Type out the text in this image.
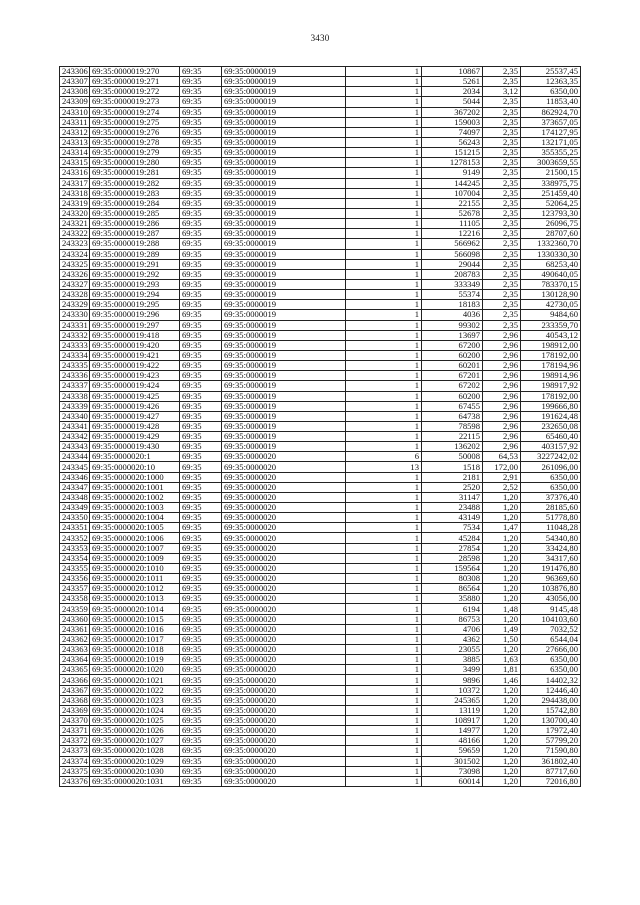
3430
243306	69:35:0000019:270	69:35	69:35:0000019	1	10867	2,35	25537,45
243307	69:35:0000019:271	69:35	69:35:0000019	1	5261	2,35	12363,35
243308	69:35:0000019:272	69:35	69:35:0000019	1	2034	3,12	6350,00
243309	69:35:0000019:273	69:35	69:35:0000019	1	5044	2,35	11853,40
243310	69:35:0000019:274	69:35	69:35:0000019	1	367202	2,35	862924,70
243311	69:35:0000019:275	69:35	69:35:0000019	1	159003	2,35	373657,05
243312	69:35:0000019:276	69:35	69:35:0000019	1	74097	2,35	174127,95
243313	69:35:0000019:278	69:35	69:35:0000019	1	56243	2,35	132171,05
243314	69:35:0000019:279	69:35	69:35:0000019	1	151215	2,35	355355,25
243315	69:35:0000019:280	69:35	69:35:0000019	1	1278153	2,35	3003659,55
243316	69:35:0000019:281	69:35	69:35:0000019	1	9149	2,35	21500,15
243317	69:35:0000019:282	69:35	69:35:0000019	1	144245	2,35	338975,75
243318	69:35:0000019:283	69:35	69:35:0000019	1	107004	2,35	251459,40
243319	69:35:0000019:284	69:35	69:35:0000019	1	22155	2,35	52064,25
243320	69:35:0000019:285	69:35	69:35:0000019	1	52678	2,35	123793,30
243321	69:35:0000019:286	69:35	69:35:0000019	1	11105	2,35	26096,75
243322	69:35:0000019:287	69:35	69:35:0000019	1	12216	2,35	28707,60
243323	69:35:0000019:288	69:35	69:35:0000019	1	566962	2,35	1332360,70
243324	69:35:0000019:289	69:35	69:35:0000019	1	566098	2,35	1330330,30
243325	69:35:0000019:291	69:35	69:35:0000019	1	29044	2,35	68253,40
243326	69:35:0000019:292	69:35	69:35:0000019	1	208783	2,35	490640,05
243327	69:35:0000019:293	69:35	69:35:0000019	1	333349	2,35	783370,15
243328	69:35:0000019:294	69:35	69:35:0000019	1	55374	2,35	130128,90
243329	69:35:0000019:295	69:35	69:35:0000019	1	18183	2,35	42730,05
243330	69:35:0000019:296	69:35	69:35:0000019	1	4036	2,35	9484,60
243331	69:35:0000019:297	69:35	69:35:0000019	1	99302	2,35	233359,70
243332	69:35:0000019:418	69:35	69:35:0000019	1	13697	2,96	40543,12
243333	69:35:0000019:420	69:35	69:35:0000019	1	67200	2,96	198912,00
243334	69:35:0000019:421	69:35	69:35:0000019	1	60200	2,96	178192,00
243335	69:35:0000019:422	69:35	69:35:0000019	1	60201	2,96	178194,96
243336	69:35:0000019:423	69:35	69:35:0000019	1	67201	2,96	198914,96
243337	69:35:0000019:424	69:35	69:35:0000019	1	67202	2,96	198917,92
243338	69:35:0000019:425	69:35	69:35:0000019	1	60200	2,96	178192,00
243339	69:35:0000019:426	69:35	69:35:0000019	1	67455	2,96	199666,80
243340	69:35:0000019:427	69:35	69:35:0000019	1	64738	2,96	191624,48
243341	69:35:0000019:428	69:35	69:35:0000019	1	78598	2,96	232650,08
243342	69:35:0000019:429	69:35	69:35:0000019	1	22115	2,96	65460,40
243343	69:35:0000019:430	69:35	69:35:0000019	1	136202	2,96	403157,92
243344	69:35:0000020:1	69:35	69:35:0000020	6	50008	64,53	3227242,02
243345	69:35:0000020:10	69:35	69:35:0000020	13	1518	172,00	261096,00
243346	69:35:0000020:1000	69:35	69:35:0000020	1	2181	2,91	6350,00
243347	69:35:0000020:1001	69:35	69:35:0000020	1	2520	2,52	6350,00
243348	69:35:0000020:1002	69:35	69:35:0000020	1	31147	1,20	37376,40
243349	69:35:0000020:1003	69:35	69:35:0000020	1	23488	1,20	28185,60
243350	69:35:0000020:1004	69:35	69:35:0000020	1	43149	1,20	51778,80
243351	69:35:0000020:1005	69:35	69:35:0000020	1	7534	1,47	11048,28
243352	69:35:0000020:1006	69:35	69:35:0000020	1	45284	1,20	54340,80
243353	69:35:0000020:1007	69:35	69:35:0000020	1	27854	1,20	33424,80
243354	69:35:0000020:1009	69:35	69:35:0000020	1	28598	1,20	34317,60
243355	69:35:0000020:1010	69:35	69:35:0000020	1	159564	1,20	191476,80
243356	69:35:0000020:1011	69:35	69:35:0000020	1	80308	1,20	96369,60
243357	69:35:0000020:1012	69:35	69:35:0000020	1	86564	1,20	103876,80
243358	69:35:0000020:1013	69:35	69:35:0000020	1	35880	1,20	43056,00
243359	69:35:0000020:1014	69:35	69:35:0000020	1	6194	1,48	9145,48
243360	69:35:0000020:1015	69:35	69:35:0000020	1	86753	1,20	104103,60
243361	69:35:0000020:1016	69:35	69:35:0000020	1	4706	1,49	7032,52
243362	69:35:0000020:1017	69:35	69:35:0000020	1	4362	1,50	6544,04
243363	69:35:0000020:1018	69:35	69:35:0000020	1	23055	1,20	27666,00
243364	69:35:0000020:1019	69:35	69:35:0000020	1	3885	1,63	6350,00
243365	69:35:0000020:1020	69:35	69:35:0000020	1	3499	1,81	6350,00
243366	69:35:0000020:1021	69:35	69:35:0000020	1	9896	1,46	14402,32
243367	69:35:0000020:1022	69:35	69:35:0000020	1	10372	1,20	12446,40
243368	69:35:0000020:1023	69:35	69:35:0000020	1	245365	1,20	294438,00
243369	69:35:0000020:1024	69:35	69:35:0000020	1	13119	1,20	15742,80
243370	69:35:0000020:1025	69:35	69:35:0000020	1	108917	1,20	130700,40
243371	69:35:0000020:1026	69:35	69:35:0000020	1	14977	1,20	17972,40
243372	69:35:0000020:1027	69:35	69:35:0000020	1	48166	1,20	57799,20
243373	69:35:0000020:1028	69:35	69:35:0000020	1	59659	1,20	71590,80
243374	69:35:0000020:1029	69:35	69:35:0000020	1	301502	1,20	361802,40
243375	69:35:0000020:1030	69:35	69:35:0000020	1	73098	1,20	87717,60
243376	69:35:0000020:1031	69:35	69:35:0000020	1	60014	1,20	72016,80
